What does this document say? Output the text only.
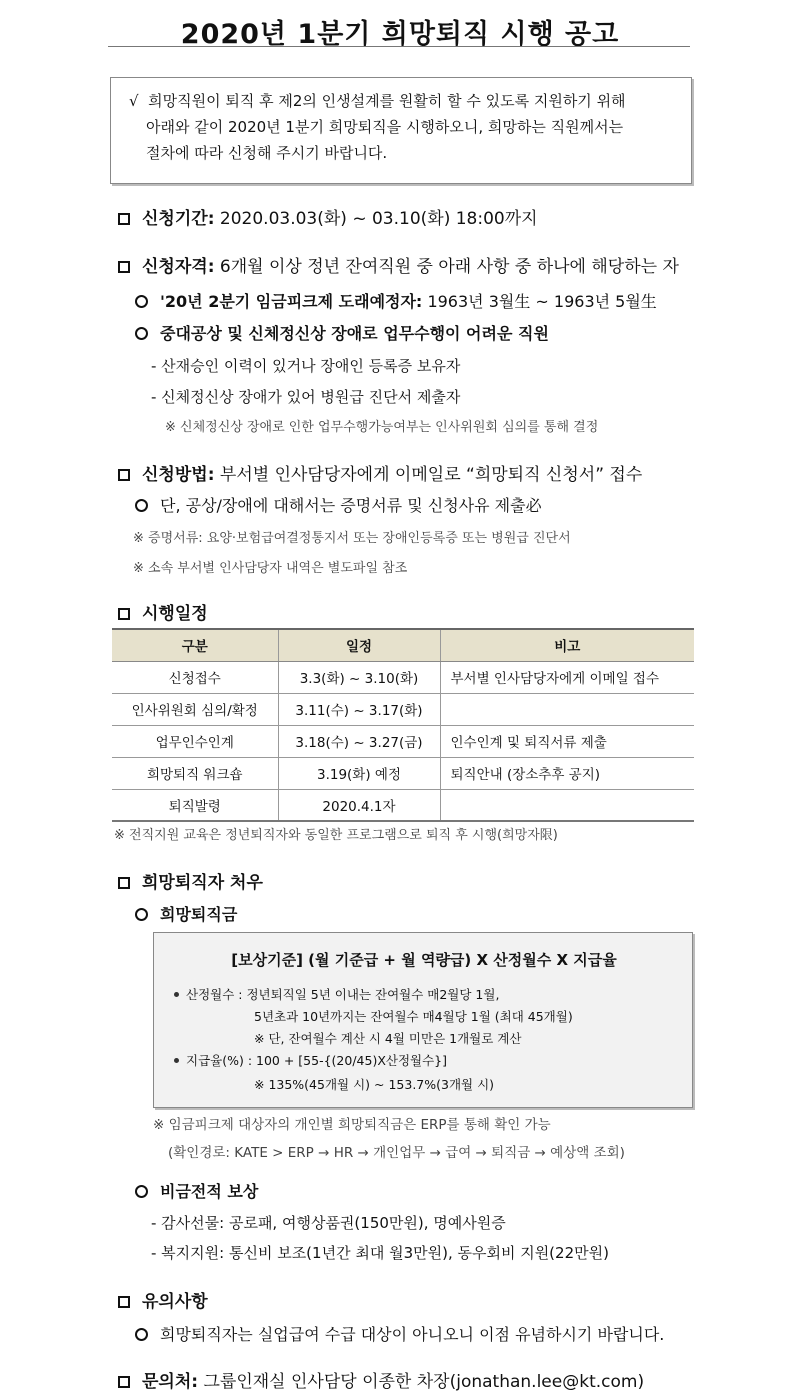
2020년 1분기 희망퇴직 시행 공고
√ 희망직원이 퇴직 후 제2의 인생설계를 원활히 할 수 있도록 지원하기 위해
아래와 같이 2020년 1분기 희망퇴직을 시행하오니, 희망하는 직원께서는
절차에 따라 신청해 주시기 바랍니다.
신청기간: 2020.03.03(화) ~ 03.10(화) 18:00까지
신청자격: 6개월 이상 정년 잔여직원 중 아래 사항 중 하나에 해당하는 자
'20년 2분기 임금피크제 도래예정자: 1963년 3월生 ~ 1963년 5월生
중대공상 및 신체정신상 장애로 업무수행이 어려운 직원
- 산재승인 이력이 있거나 장애인 등록증 보유자
- 신체정신상 장애가 있어 병원급 진단서 제출자
※ 신체정신상 장애로 인한 업무수행가능여부는 인사위원회 심의를 통해 결정
신청방법: 부서별 인사담당자에게 이메일로 “희망퇴직 신청서” 접수
단, 공상/장애에 대해서는 증명서류 및 신청사유 제출必
※ 증명서류: 요양·보험급여결정통지서 또는 장애인등록증 또는 병원급 진단서
※ 소속 부서별 인사담당자 내역은 별도파일 참조
시행일정
구분	일정	비고
신청접수	3.3(화) ~ 3.10(화)	부서별 인사담당자에게 이메일 접수
인사위원회 심의/확정	3.11(수) ~ 3.17(화)	
업무인수인계	3.18(수) ~ 3.27(금)	인수인계 및 퇴직서류 제출
희망퇴직 워크숍	3.19(화) 예정	퇴직안내 (장소추후 공지)
퇴직발령	2020.4.1자	
※ 전직지원 교육은 정년퇴직자와 동일한 프로그램으로 퇴직 후 시행(희망자限)
희망퇴직자 처우
희망퇴직금
[보상기준] (월 기준급 + 월 역량급) X 산정월수 X 지급율
산정월수 : 정년퇴직일 5년 이내는 잔여월수 매2월당 1월,
5년초과 10년까지는 잔여월수 매4월당 1월 (최대 45개월)
※ 단, 잔여월수 계산 시 4월 미만은 1개월로 계산
지급율(%) : 100 + [55-{(20/45)X산정월수}]
※ 135%(45개월 시) ~ 153.7%(3개월 시)
※ 임금피크제 대상자의 개인별 희망퇴직금은 ERP를 통해 확인 가능
(확인경로: KATE > ERP → HR → 개인업무 → 급여 → 퇴직금 → 예상액 조회)
비금전적 보상
- 감사선물: 공로패, 여행상품권(150만원), 명예사원증
- 복지지원: 통신비 보조(1년간 최대 월3만원), 동우회비 지원(22만원)
유의사항
희망퇴직자는 실업급여 수급 대상이 아니오니 이점 유념하시기 바랍니다.
문의처: 그룹인재실 인사담당 이종한 차장(jonathan.lee@kt.com)
